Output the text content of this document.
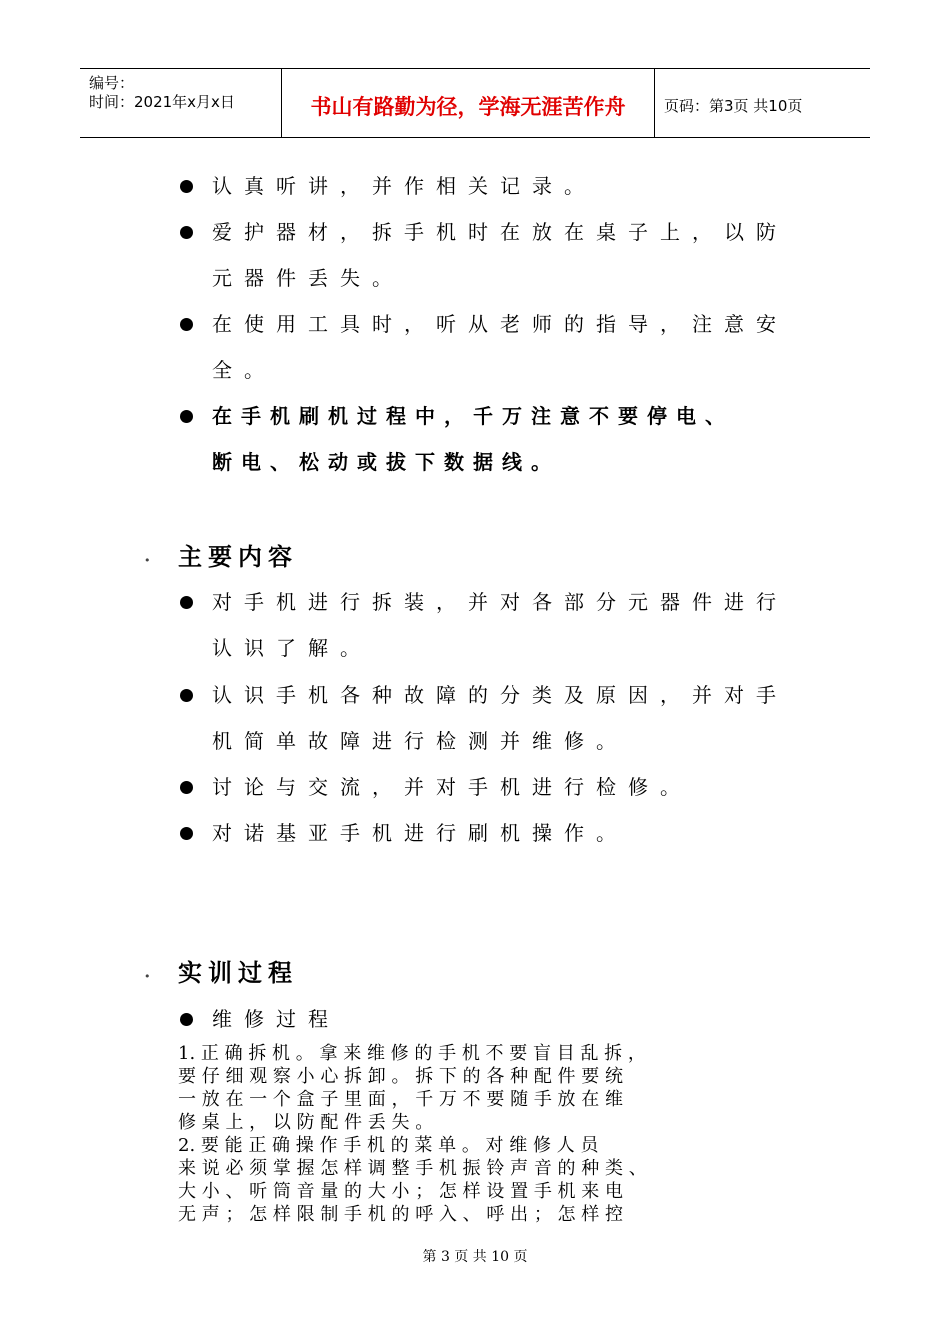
编号：
时间：2021年x月x日	书山有路勤为径，学海无涯苦作舟	页码：第3页 共10页
认真听讲，并作相关记录。
爱护器材，拆手机时在放在桌子上，以防
元器件丢失。
在使用工具时，听从老师的指导，注意安
全。
在手机刷机过程中，千万注意不要停电、
断电、松动或拔下数据线。
• 主要内容
对手机进行拆装，并对各部分元器件进行
认识了解。
认识手机各种故障的分类及原因，并对手
机简单故障进行检测并维修。
讨论与交流，并对手机进行检修。
对诺基亚手机进行刷机操作。
• 实训过程
维修过程
1. 正 确 拆 机 。 拿 来 维 修 的 手 机 不 要 盲 目 乱 拆 ，
要 仔 细 观 察 小 心 拆 卸 。 拆 下 的 各 种 配 件 要 统
一 放 在 一 个 盒 子 里 面 ， 千 万 不 要 随 手 放 在 维
修 桌 上 ， 以 防 配 件 丢 失 。
2. 要 能 正 确 操 作 手 机 的 菜 单 。 对 维 修 人 员
来 说 必 须 掌 握 怎 样 调 整 手 机 振 铃 声 音 的 种 类 、
大 小 、 听 筒 音 量 的 大 小 ； 怎 样 设 置 手 机 来 电
无 声 ； 怎 样 限 制 手 机 的 呼 入 、 呼 出 ； 怎 样 控
第 3 页 共 10 页
